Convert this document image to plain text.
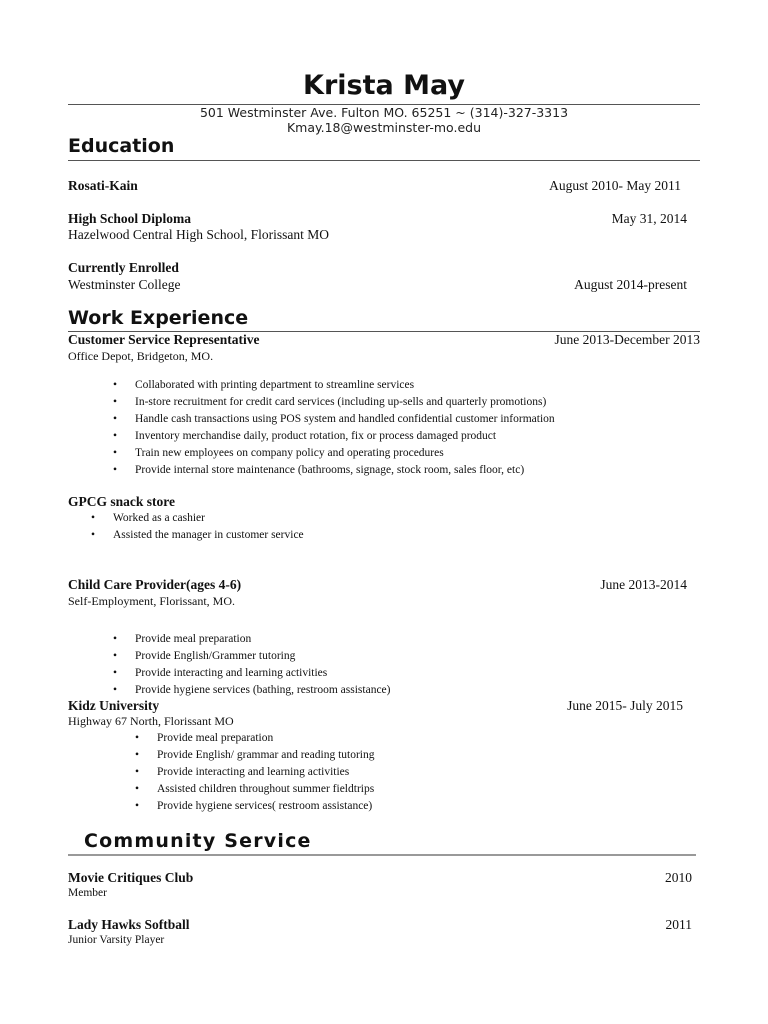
Krista May
501 Westminster Ave. Fulton MO. 65251 ~ (314)-327-3313
Kmay.18@westminster-mo.edu
Education
Rosati-Kain	August 2010- May 2011
High School Diploma	May 31, 2014
Hazelwood Central High School, Florissant MO
Currently Enrolled
Westminster College	August 2014-present
Work Experience
Customer Service Representative	June 2013-December 2013
Office Depot, Bridgeton, MO.
• Collaborated with printing department to streamline services
• In-store recruitment for credit card services (including up-sells and quarterly promotions)
• Handle cash transactions using POS system and handled confidential customer information
• Inventory merchandise daily, product rotation, fix or process damaged product
• Train new employees on company policy and operating procedures
• Provide internal store maintenance (bathrooms, signage, stock room, sales floor, etc)
GPCG snack store
• Worked as a cashier
• Assisted the manager in customer service
Child Care Provider(ages 4-6)	June 2013-2014
Self-Employment, Florissant, MO.
• Provide meal preparation
• Provide English/Grammer tutoring
• Provide interacting and learning activities
• Provide hygiene services (bathing, restroom assistance)
Kidz University	June 2015- July 2015
Highway 67 North, Florissant MO
• Provide meal preparation
• Provide English/ grammar and reading tutoring
• Provide interacting and learning activities
• Assisted children throughout summer fieldtrips
• Provide hygiene services( restroom assistance)
Community Service
Movie Critiques Club	2010
Member
Lady Hawks Softball	2011
Junior Varsity Player
